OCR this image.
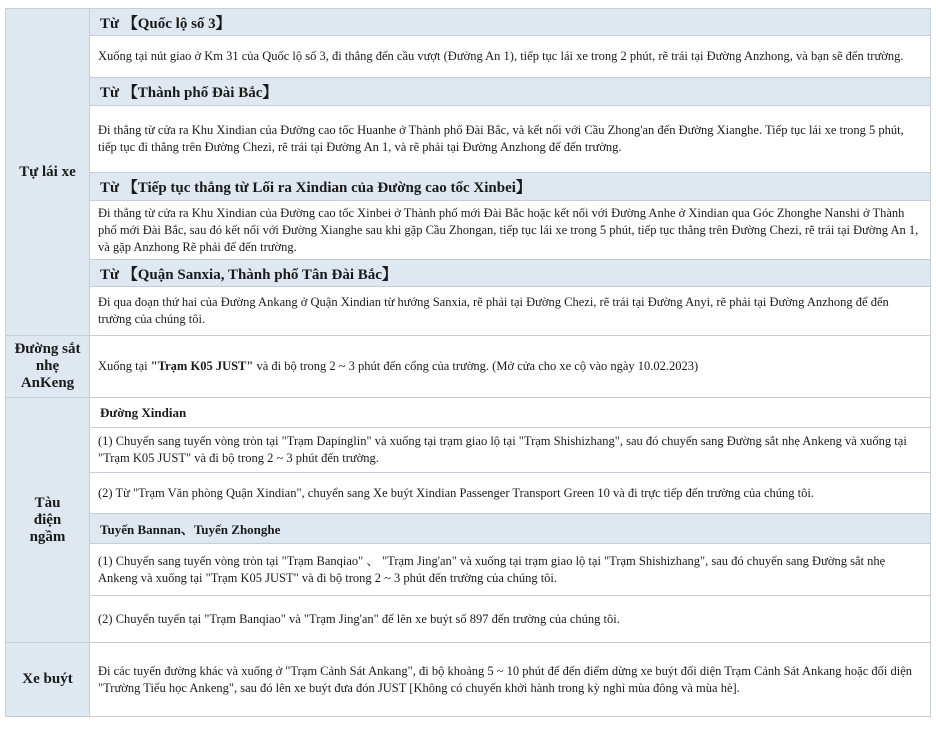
Tự lái xe	Từ 【Quốc lộ số 3】
	Xuống tại nút giao ở Km 31 của Quốc lộ số 3, đi thẳng đến cầu vượt (Đường An 1), tiếp tục lái xe trong 2 phút, rẽ trái tại Đường Anzhong, và bạn sẽ đến trường.
	Từ 【Thành phố Đài Bắc】
	Đi thẳng từ cửa ra Khu Xindian của Đường cao tốc Huanhe ở Thành phố Đài Bắc, và kết nối với Cầu Zhong'an đến Đường Xianghe. Tiếp tục lái xe trong 5 phút, tiếp tục đi thẳng trên Đường Chezi, rẽ trái tại Đường An 1, và rẽ phải tại Đường Anzhong để đến trường.
	Từ 【Tiếp tục thẳng từ Lối ra Xindian của Đường cao tốc Xinbei】
	Đi thẳng từ cửa ra Khu Xindian của Đường cao tốc Xinbei ở Thành phố mới Đài Bắc hoặc kết nối với Đường Anhe ở Xindian qua Góc Zhonghe Nanshi ở Thành phố mới Đài Bắc, sau đó kết nối với Đường Xianghe sau khi gặp Cầu Zhongan, tiếp tục lái xe trong 5 phút, tiếp tục thẳng trên Đường Chezi, rẽ trái tại Đường An 1, và gặp Anzhong Rẽ phải để đến trường.
	Từ 【Quận Sanxia, Thành phố Tân Đài Bắc】
	Đi qua đoạn thứ hai của Đường Ankang ở Quận Xindian từ hướng Sanxia, rẽ phải tại Đường Chezi, rẽ trái tại Đường Anyi, rẽ phải tại Đường Anzhong để đến trường của chúng tôi.
Đường sắt nhẹ AnKeng	Xuống tại "Trạm K05 JUST" và đi bộ trong 2 ~ 3 phút đến cổng của trường. (Mở cửa cho xe cộ vào ngày 10.02.2023)
Tàu điện ngầm	Đường Xindian
	(1) Chuyển sang tuyến vòng tròn tại "Trạm Dapinglin" và xuống tại trạm giao lộ tại "Trạm Shishizhang", sau đó chuyển sang Đường sắt nhẹ Ankeng và xuống tại "Trạm K05 JUST" và đi bộ trong 2 ~ 3 phút đến trường.
	(2) Từ "Trạm Văn phòng Quận Xindian", chuyển sang Xe buýt Xindian Passenger Transport Green 10 và đi trực tiếp đến trường của chúng tôi.
	Tuyến Bannan、Tuyến Zhonghe
	(1) Chuyển sang tuyến vòng tròn tại "Trạm Banqiao" 、 "Trạm Jing'an" và xuống tại trạm giao lộ tại "Trạm Shishizhang", sau đó chuyển sang Đường sắt nhẹ Ankeng và xuống tại "Trạm K05 JUST" và đi bộ trong 2 ~ 3 phút đến trường của chúng tôi.
	(2) Chuyển tuyến tại "Trạm Banqiao" và "Trạm Jing'an" để lên xe buýt số 897 đến trường của chúng tôi.
Xe buýt	Đi các tuyến đường khác và xuống ở "Trạm Cảnh Sát Ankang", đi bộ khoảng 5 ~ 10 phút để đến điểm dừng xe buýt đối diện Trạm Cảnh Sát Ankang hoặc đối diện "Trường Tiểu học Ankeng", sau đó lên xe buýt đưa đón JUST [Không có chuyến khởi hành trong kỳ nghỉ mùa đông và mùa hè].
